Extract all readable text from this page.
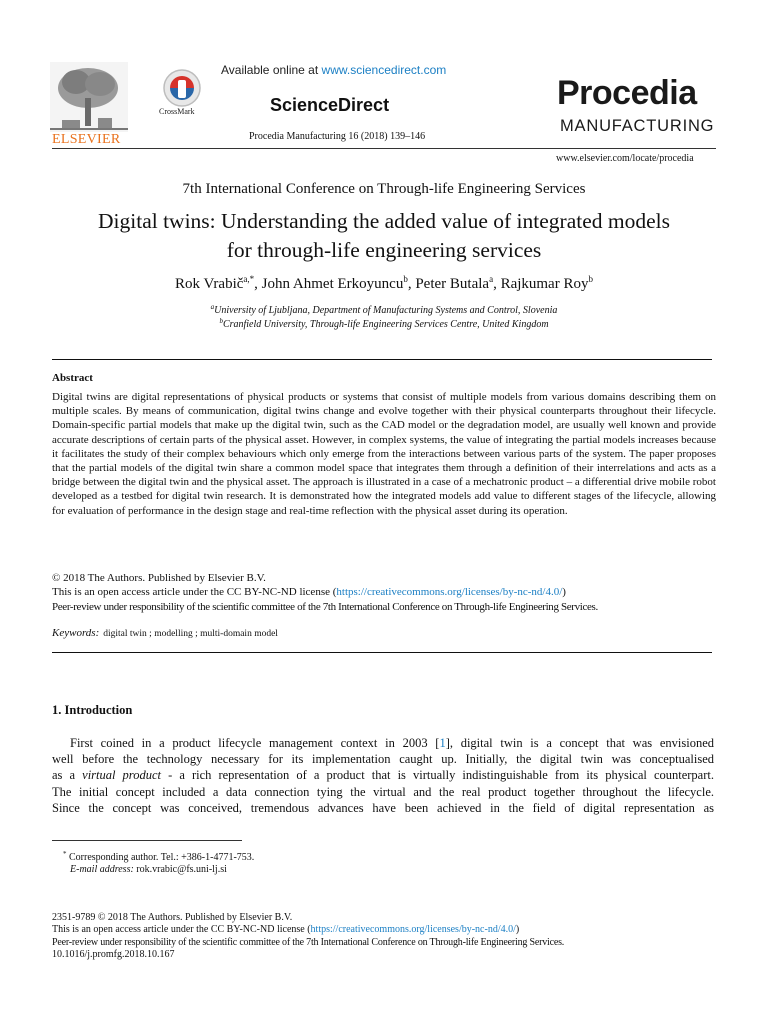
ELSEVIER
CrossMark
Available online at www.sciencedirect.com
ScienceDirect
Procedia Manufacturing 16 (2018) 139–146
Procedia
MANUFACTURING
www.elsevier.com/locate/procedia
7th International Conference on Through-life Engineering Services
Digital twins: Understanding the added value of integrated models
for through-life engineering services
Rok Vrabič$^{a,*}$, John Ahmet Erkoyuncu$^b$, Peter Butala$^a$, Rajkumar Roy$^b$
$^a$University of Ljubljana, Department of Manufacturing Systems and Control, Slovenia
$^b$Cranfield University, Through-life Engineering Services Centre, United Kingdom
Abstract
Digital twins are digital representations of physical products or systems that consist of multiple models from various domains describing them on multiple scales. By means of communication, digital twins change and evolve together with their physical counterparts throughout their lifecycle. Domain-specific partial models that make up the digital twin, such as the CAD model or the degradation model, are usually well known and provide accurate descriptions of certain parts of the physical asset. However, in complex systems, the value of integrating the partial models increases because it facilitates the study of their complex behaviours which only emerge from the interactions between various parts of the system. The paper proposes that the partial models of the digital twin share a common model space that integrates them through a definition of their interrelations and acts as a bridge between the digital twin and the physical asset. The approach is illustrated in a case of a mechatronic product – a differential drive mobile robot developed as a testbed for digital twin research. It is demonstrated how the integrated models add value to different stages of the lifecycle, allowing for evaluation of performance in the design stage and real-time reflection with the physical asset during its operation.
© 2018 The Authors. Published by Elsevier B.V.
This is an open access article under the CC BY-NC-ND license (https://creativecommons.org/licenses/by-nc-nd/4.0/)
Peer-review under responsibility of the scientific committee of the 7th International Conference on Through-life Engineering Services.
Keywords: digital twin ; modelling ; multi-domain model
1. Introduction
First coined in a product lifecycle management context in 2003 [1], digital twin is a concept that was envisioned
well before the technology necessary for its implementation caught up. Initially, the digital twin was conceptualised
as a virtual product - a rich representation of a product that is virtually indistinguishable from its physical counterpart.
The initial concept included a data connection tying the virtual and the real product together throughout the lifecycle.
Since the concept was conceived, tremendous advances have been achieved in the field of digital representation as
* Corresponding author. Tel.: +386-1-4771-753.
E-mail address: rok.vrabic@fs.uni-lj.si
2351-9789 © 2018 The Authors. Published by Elsevier B.V.
This is an open access article under the CC BY-NC-ND license (https://creativecommons.org/licenses/by-nc-nd/4.0/)
Peer-review under responsibility of the scientific committee of the 7th International Conference on Through-life Engineering Services.
10.1016/j.promfg.2018.10.167
